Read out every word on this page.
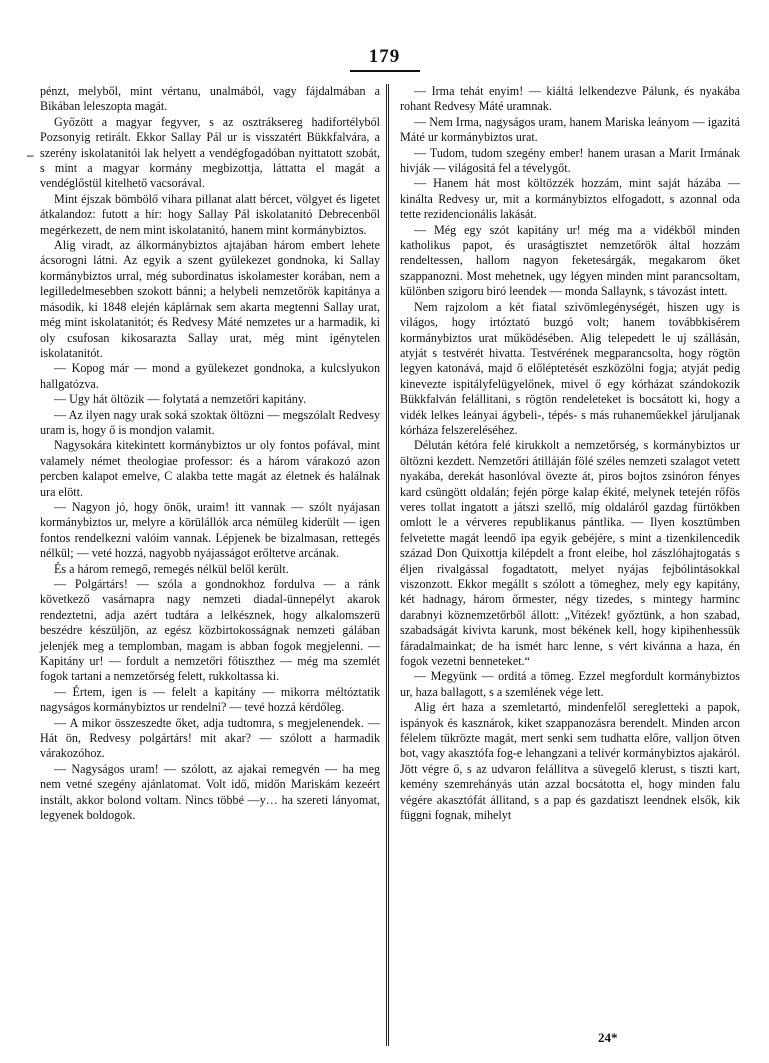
179
–

pénzt, melyből, mint vértanu, unalmából, vagy fájdalmában a Bikában leleszopta magát.

Győzött a magyar fegyver, s az osztráksereg hadifortélyból Pozsonyig retirált. Ekkor Sallay Pál ur is visszatért Bükkfalvára, a szerény iskolatanitói lak helyett a vendégfogadóban nyittatott szobát, s mint a magyar kormány megbizottja, láttatta el magát a vendéglőstül kitelhető vacsorával.

Mint éjszak bömbölő vihara pillanat alatt bércet, völgyet és ligetet átkalandoz: futott a hír: hogy Sallay Pál iskolatanitó Debrecenből megérkezett, de nem mint iskolatanitó, hanem mint kormánybiztos.

Alig viradt, az álkormánybiztos ajtajában három embert lehete ácsorogni látni. Az egyik a szent gyülekezet gondnoka, ki Sallay kormánybiztos urral, még subordinatus iskolamester korában, nem a legilledelmesebben szokott bánni; a helybeli nemzetőrök kapitánya a második, ki 1848 elején káplárnak sem akarta megtenni Sallay urat, még mint iskolatanitót; és Redvesy Máté nemzetes ur a harmadik, ki oly csufosan kikosarazta Sallay urat, még mint igénytelen iskolatanitót.

— Kopog már — mond a gyülekezet gondnoka, a kulcslyukon hallgatózva.

— Ugy hát öltözik — folytatá a nemzetőri kapitány.

— Az ilyen nagy urak soká szoktak öltözni — megszólalt Redvesy uram is, hogy ő is mondjon valamit.

Nagysokára kitekintett kormánybiztos ur oly fontos pofával, mint valamely német theologiae professor: és a három várakozó azon percben kalapot emelve, C alakba tette magát az életnek és halálnak ura elött.

— Nagyon jó, hogy önök, uraim! itt vannak — szólt nyájasan kormánybiztos ur, melyre a körülállók arca némüleg kiderült — igen fontos rendelkezni valóim vannak. Lépjenek be bizalmasan, rettegés nélkül; — veté hozzá, nagyobb nyájasságot erőltetve arcának.

És a három remegő, remegés nélkül belől került.

— Polgártárs! — szóla a gondnokhoz fordulva — a ránk következő vasárnapra nagy nemzeti diadal-ünnepélyt akarok rendeztetni, adja azért tudtára a lelkésznek, hogy alkalomszerü beszédre készüljön, az egész közbirtokosságnak nemzeti gálában jelenjék meg a templomban, magam is abban fogok megjelenni. — Kapitány ur! — fordult a nemzetőri főtiszthez — még ma szemlét fogok tartani a nemzetőrség felett, rukkoltassa ki.

— Értem, igen is — felelt a kapitány — mikorra méltóztatik nagyságos kormánybiztos ur rendelni? — tevé hozzá kérdőleg.

— A mikor összeszedte őket, adja tudtomra, s megjelenendek. — Hát ön, Redvesy polgártárs! mit akar? — szólott a harmadik várakozóhoz.

— Nagyságos uram! — szólott, az ajakai remegvén — ha meg nem vetné szegény ajánlatomat. Volt idő, midőn Mariskám kezeért instált, akkor bolond voltam. Nincs többé —y… ha szereti lányomat, legyenek boldogok.

— Irma tehát enyim! — kiáltá lelkendezve Pálunk, és nyakába rohant Redvesy Máté uramnak.

— Nem Irma, nagyságos uram, hanem Mariska leányom — igazitá Máté ur kormánybiztos urat.

— Tudom, tudom szegény ember! hanem urasan a Marit Irmának hivják — világositá fel a tévelygőt.

— Hanem hát most költözzék hozzám, mint saját házába — kinálta Redvesy ur, mit a kormánybiztos elfogadott, s azonnal oda tette rezidencionális lakását.

— Még egy szót kapitány ur! még ma a vidékből minden katholikus papot, és uraságtisztet nemzetőrök által hozzám rendeltessen, hallom nagyon feketesárgák, megakarom őket szappanozni. Most mehetnek, ugy légyen minden mint parancsoltam, különben szigoru biró leendek — monda Sallaynk, s távozást intett.

Nem rajzolom a két fiatal szivömlegénységét, hiszen ugy is világos, hogy irtóztató buzgó volt; hanem továbbkisérem kormánybiztos urat működésében. Alig telepedett le uj szállásán, atyját s testvérét hivatta. Testvérének megparancsolta, hogy rögtön legyen katonává, majd ő előléptetését eszközölni fogja; atyját pedig kinevezte ispitályfelügyelőnek, mivel ő egy kórházat szándokozik Bükkfalván felállitani, s rögtön rendeleteket is bocsátott ki, hogy a vidék lelkes leányai ágybeli-, tépés- s más ruhaneműekkel járuljanak kórháza felszereléséhez.

Délután kétóra felé kirukkolt a nemzetőrség, s kormánybiztos ur öltözni kezdett. Nemzetőri átilláján fölé széles nemzeti szalagot vetett nyakába, derekát hasonlóval övezte át, piros bojtos zsinóron fényes kard csüngött oldalán; fején pörge kalap ékité, melynek tetején rőfös veres tollat ingatott a játszi szellő, míg oldaláról gazdag fürtökben omlott le a vérveres republikanus pántlika. — Ilyen kosztümben felvetette magát leendő ipa egyik gebéjére, s mint a tizenkilencedik század Don Quixottja kilépdelt a front eleibe, hol zászlóhajtogatás s éljen rivalgással fogadtatott, melyet nyájas fejbólintásokkal viszonzott. Ekkor megállt s szólott a tömeghez, mely egy kapitány, két hadnagy, három őrmester, négy tizedes, s mintegy harminc darabnyi köznemzetőrből állott: „Vitézek! győztünk, a hon szabad, szabadságát kivivta karunk, most békének kell, hogy kipihenhessük fáradalmainkat; de ha ismét harc lenne, s vért kivánna a haza, én fogok vezetni benneteket.“

— Megyünk — orditá a tömeg. Ezzel megfordult kormánybiztos ur, haza ballagott, s a szemlének vége lett.

Alig ért haza a szemletartó, mindenfelől seregletteki a papok, ispányok és kasznárok, kiket szappanozásra berendelt. Minden arcon félelem tükrözte magát, mert senki sem tudhatta előre, valljon ötven bot, vagy akasztófa fog-e lehangzani a telivér kormánybiztos ajakáról. Jött végre ő, s az udvaron felállitva a süvegelő klerust, s tiszti kart, kemény szemrehányás után azzal bocsátotta el, hogy minden falu végére akasztófát állitand, s a pap és gazdatiszt leendnek elsők, kik függni fognak, mihelyt

24*
